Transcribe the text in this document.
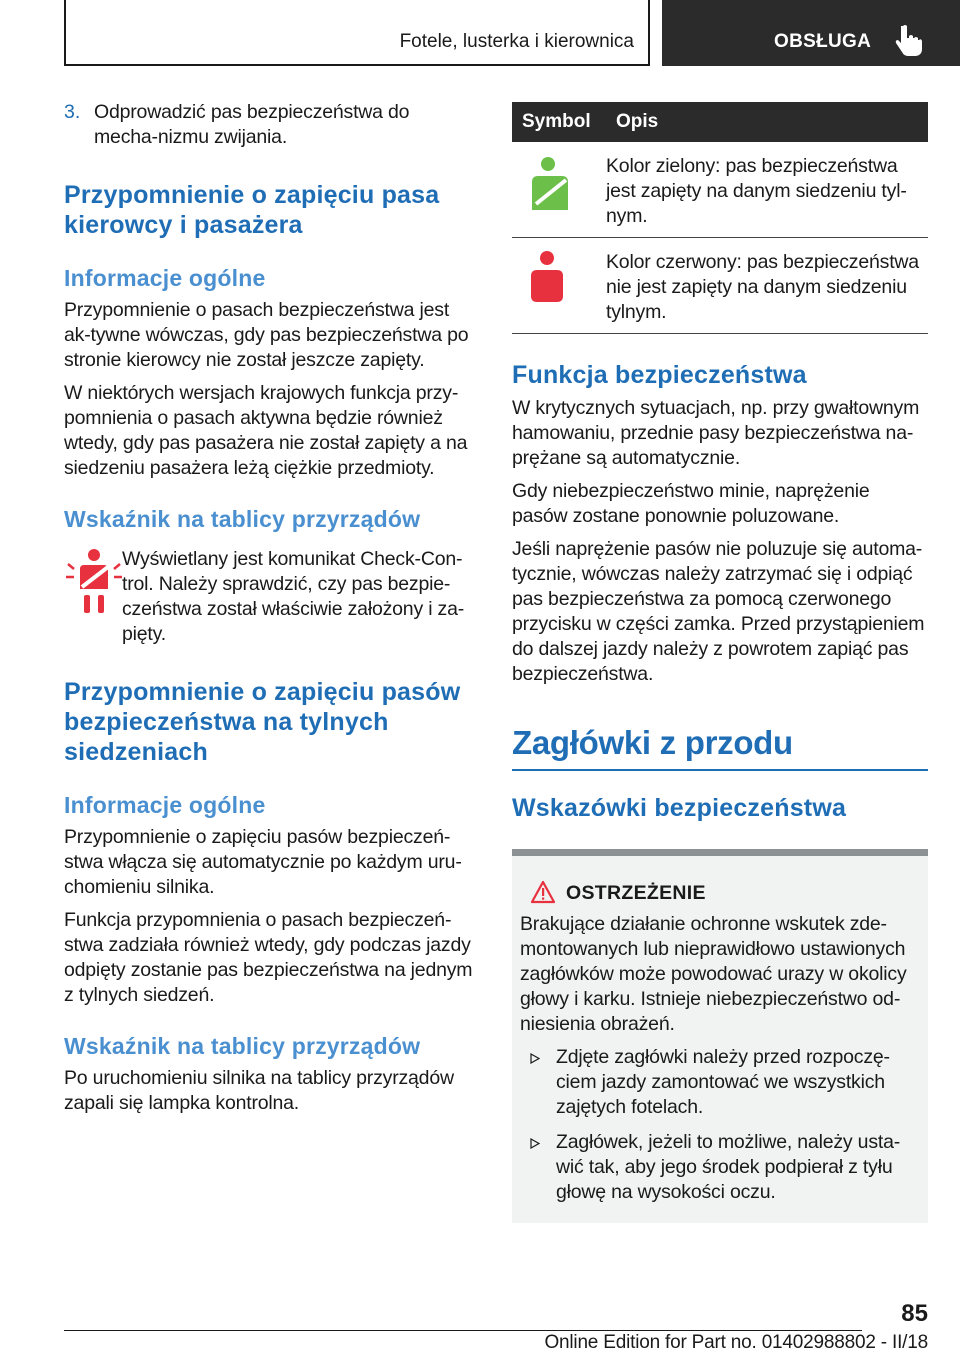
Fotele, lusterka i kierownica	OBSŁUGA
3. Odprowadzić pas bezpieczeństwa do mecha-nizmu zwijania.

Przypomnienie o zapięciu pasa kierowcy i pasażera
Informacje ogólne

Przypomnienie o pasach bezpieczeństwa jest ak-tywne wówczas, gdy pas bezpieczeństwa po stronie kierowcy nie został jeszcze zapięty.

W niektórych wersjach krajowych funkcja przy-pomnienia o pasach aktywna będzie również wtedy, gdy pas pasażera nie został zapięty a na siedzeniu pasażera leżą ciężkie przedmioty.

Wskaźnik na tablicy przyrządów

Wyświetlany jest komunikat Check-Con-trol. Należy sprawdzić, czy pas bezpie-czeństwa został właściwie założony i za-pięty.

Przypomnienie o zapięciu pasów bezpieczeństwa na tylnych siedzeniach
Informacje ogólne

Przypomnienie o zapięciu pasów bezpieczeń-stwa włącza się automatycznie po każdym uru-chomieniu silnika.

Funkcja przypomnienia o pasach bezpieczeń-stwa zadziała również wtedy, gdy podczas jazdy odpięty zostanie pas bezpieczeństwa na jednym z tylnych siedzeń.

Wskaźnik na tablicy przyrządów

Po uruchomieniu silnika na tablicy przyrządów zapali się lampka kontrolna.

Symbol	Opis

	Kolor zielony: pas bezpieczeństwa jest zapięty na danym siedzeniu tyl-nym.

	Kolor czerwony: pas bezpieczeństwa nie jest zapięty na danym siedzeniu tylnym.
Funkcja bezpieczeństwa

W krytycznych sytuacjach, np. przy gwałtownym hamowaniu, przednie pasy bezpieczeństwa na-prężane są automatycznie.

Gdy niebezpieczeństwo minie, naprężenie pasów zostane ponownie poluzowane.

Jeśli naprężenie pasów nie poluzuje się automa-tycznie, wówczas należy zatrzymać się i odpiąć pas bezpieczeństwa za pomocą czerwonego przycisku w części zamka. Przed przystąpieniem do dalszej jazdy należy z powrotem zapiąć pas bezpieczeństwa.

Zagłówki z przodu
Wskazówki bezpieczeństwa
OSTRZEŻENIE

Brakujące działanie ochronne wskutek zde-montowanych lub nieprawidłowo ustawionych zagłówków może powodować urazy w okolicy głowy i karku. Istnieje niebezpieczeństwo od-niesienia obrażeń.

Zdjęte zagłówki należy przed rozpoczę-ciem jazdy zamontować we wszystkich zajętych fotelach.
Zagłówek, jeżeli to możliwe, należy usta-wić tak, aby jego środek podpierał z tyłu głowę na wysokości oczu.
85
Online Edition for Part no. 01402988802 - II/18
